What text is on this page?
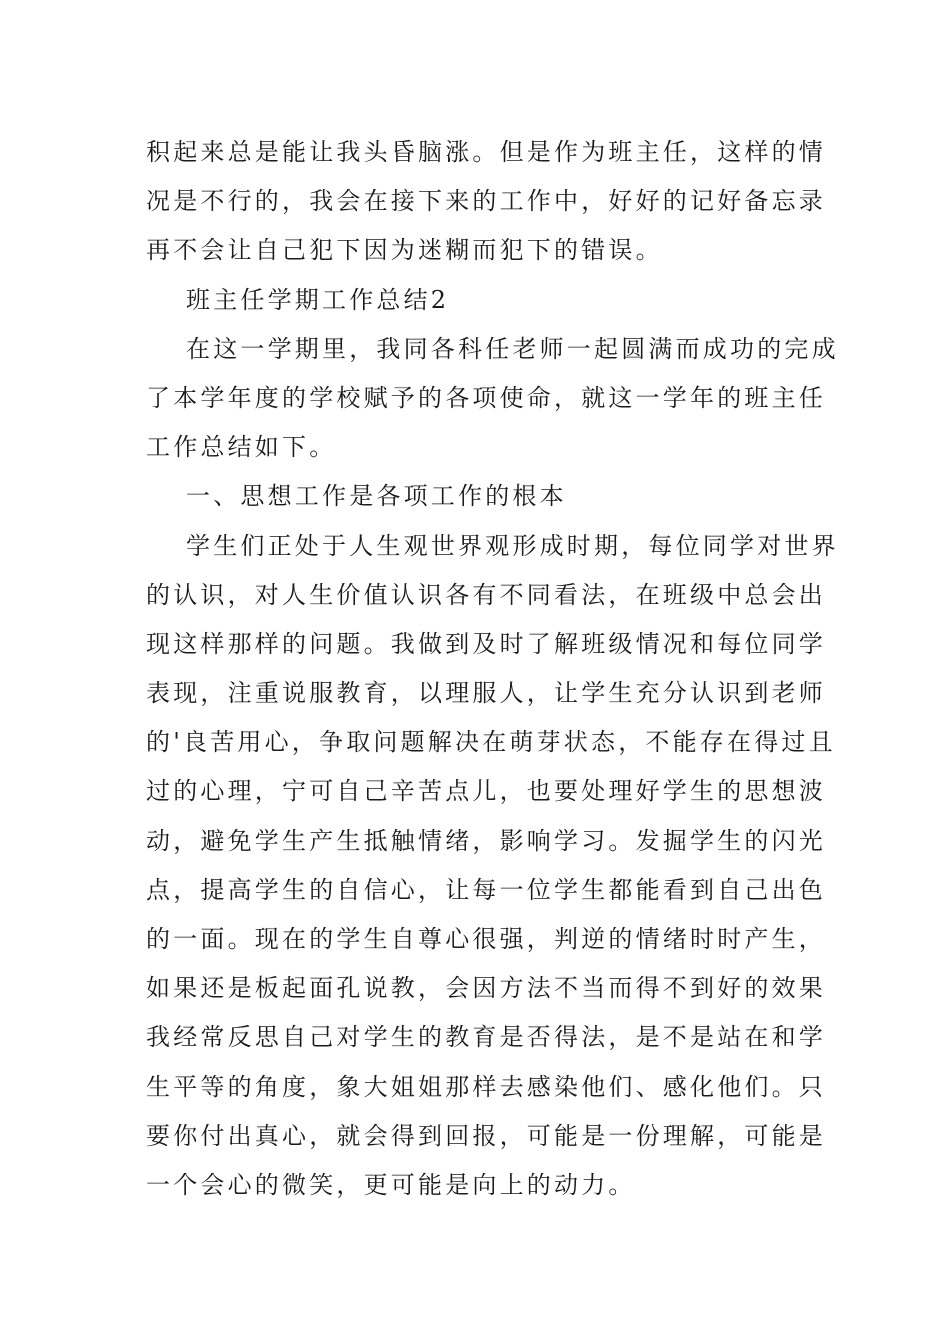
积起来总是能让我头昏脑涨。但是作为班主任，这样的情
况是不行的，我会在接下来的工作中，好好的记好备忘录
再不会让自己犯下因为迷糊而犯下的错误。
班主任学期工作总结2
在这一学期里，我同各科任老师一起圆满而成功的完成
了本学年度的学校赋予的各项使命，就这一学年的班主任
工作总结如下。
一、思想工作是各项工作的根本
学生们正处于人生观世界观形成时期，每位同学对世界
的认识，对人生价值认识各有不同看法，在班级中总会出
现这样那样的问题。我做到及时了解班级情况和每位同学
表现，注重说服教育，以理服人，让学生充分认识到老师
的'良苦用心，争取问题解决在萌芽状态，不能存在得过且
过的心理，宁可自己辛苦点儿，也要处理好学生的思想波
动，避免学生产生抵触情绪，影响学习。发掘学生的闪光
点，提高学生的自信心，让每一位学生都能看到自己出色
的一面。现在的学生自尊心很强，判逆的情绪时时产生，
如果还是板起面孔说教，会因方法不当而得不到好的效果
我经常反思自己对学生的教育是否得法，是不是站在和学
生平等的角度，象大姐姐那样去感染他们、感化他们。只
要你付出真心，就会得到回报，可能是一份理解，可能是
一个会心的微笑，更可能是向上的动力。
